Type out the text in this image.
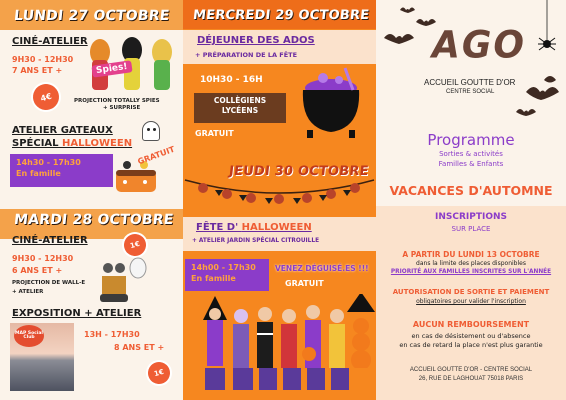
LUNDI 27 OCTOBRE
CINÉ-ATELIER
9H30 - 12H30
7 ANS ET +
4€
Spies!
PROJECTION TOTALLY SPIES
+ SURPRISE
ATELIER GATEAUX
SPÉCIAL HALLOWEEN
14h30 - 17h30
En famille
GRATUIT
MARDI 28 OCTOBRE
CINÉ-ATELIER
9H30 - 12H30
6 ANS ET +
1€
PROJECTION DE WALL-E
+ ATELIER
EXPOSITION + ATELIER
MAP Social Club	13H - 17H30
8 ANS ET +
1€
MERCREDI 29 OCTOBRE
DÉJEUNER DES ADOS
+ PRÉPARATION DE LA FÊTE
10H30 - 16H
COLLÈGIENS
LYCÉENS
GRATUIT
JEUDI 30 OCTOBRE
FÊTE D' HALLOWEEN
+ ATELIER JARDIN SPÉCIAL CITROUILLE
14h00 - 17h30
En famille
VENEZ DÉGUISÉ.ES !!!
GRATUIT
AGO
ACCUEIL GOUTTE D'OR
CENTRE SOCIAL
Programme
Sorties & activités
Familles & Enfants
VACANCES D'AUTOMNE
INSCRIPTIONS
SUR PLACE
A PARTIR DU LUNDI 13 OCTOBRE
dans la limite des places disponibles
PRIORITÉ AUX FAMILLES INSCRITES SUR L'ANNÉE
AUTORISATION DE SORTIE ET PAIEMENT
obligatoires pour valider l'inscription
AUCUN REMBOURSEMENT
en cas de désistement ou d'absence
en cas de retard la place n'est plus garantie
ACCUEIL GOUTTE D'OR - CENTRE SOCIAL
26, RUE DE LAGHOUAT 75018 PARIS
